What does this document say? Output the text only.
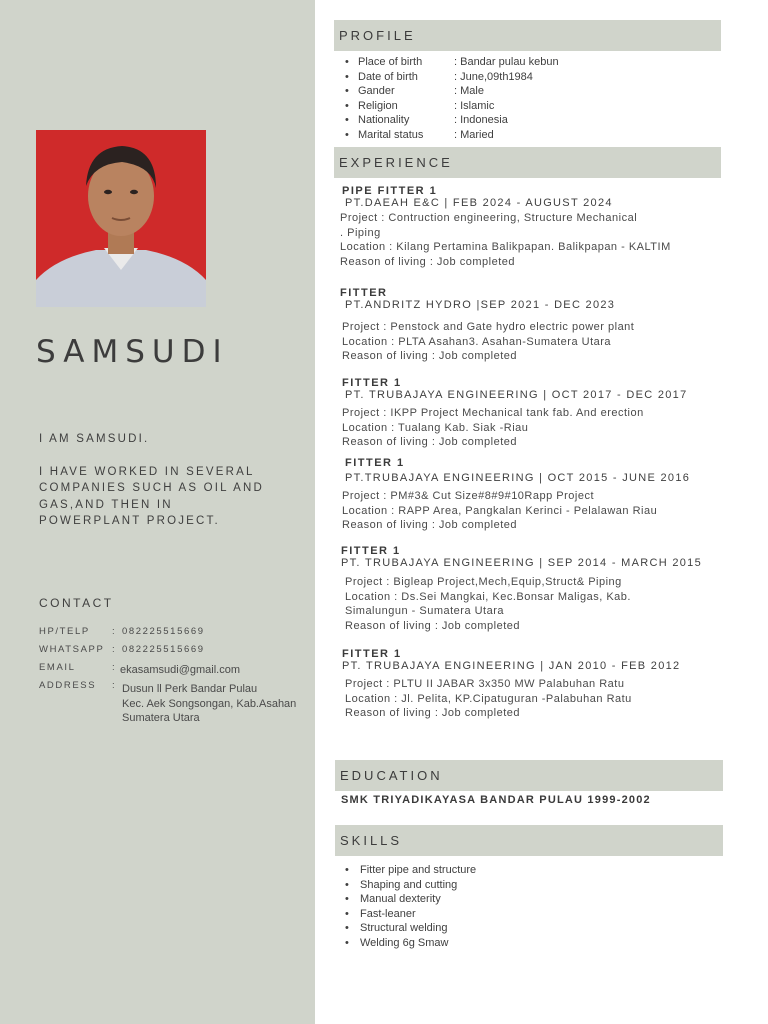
SAMSUDI

I AM SAMSUDI.

I HAVE WORKED IN SEVERAL COMPANIES SUCH AS OIL AND GAS,AND THEN IN POWERPLANT PROJECT.

CONTACT
HP/TELP	: 082225515669
WHATSAPP : 082225515669
EMAIL	: ekasamsudi@gmail.com
ADDRESS	: Dusun ll Perk Bandar Pulau
Kec. Aek Songsongan, Kab.Asahan
Sumatera Utara
PROFILE
• Place of birth	: Bandar pulau kebun
• Date of birth	: June,09th1984
• Gander	: Male
• Religion	: Islamic
• Nationality	: Indonesia
• Marital status	: Maried
EXPERIENCE
PIPE FITTER 1
PT.DAEAH E&C | FEB 2024 - AUGUST 2024
Project : Contruction engineering, Structure Mechanical
. Piping
Location : Kilang Pertamina Balikpapan. Balikpapan - KALTIM
Reason of living : Job completed
FITTER
PT.ANDRITZ HYDRO |SEP 2021 - DEC 2023
Project : Penstock and Gate hydro electric power plant
Location : PLTA Asahan3. Asahan-Sumatera Utara
Reason of living : Job completed
FITTER 1
PT. TRUBAJAYA ENGINEERING | OCT 2017 - DEC 2017
Project : IKPP Project Mechanical tank fab. And erection
Location : Tualang Kab. Siak -Riau
Reason of living : Job completed
FITTER 1
PT.TRUBAJAYA ENGINEERING | OCT 2015 - JUNE 2016
Project : PM#3& Cut Size#8#9#10Rapp Project
Location : RAPP Area, Pangkalan Kerinci - Pelalawan Riau
Reason of living : Job completed
FITTER 1
PT. TRUBAJAYA ENGINEERING | SEP 2014 - MARCH 2015
Project : Bigleap Project,Mech,Equip,Struct& Piping
Location : Ds.Sei Mangkai, Kec.Bonsar Maligas, Kab.
Simalungun - Sumatera Utara
Reason of living : Job completed
FITTER 1
PT. TRUBAJAYA ENGINEERING | JAN 2010 - FEB 2012
Project : PLTU II JABAR 3x350 MW Palabuhan Ratu
Location : Jl. Pelita, KP.Cipatuguran -Palabuhan Ratu
Reason of living : Job completed
EDUCATION
SMK TRIYADIKAYASA BANDAR PULAU 1999-2002
SKILLS
• Fitter pipe and structure
• Shaping and cutting
• Manual dexterity
• Fast-leaner
• Structural welding
• Welding 6g Smaw
